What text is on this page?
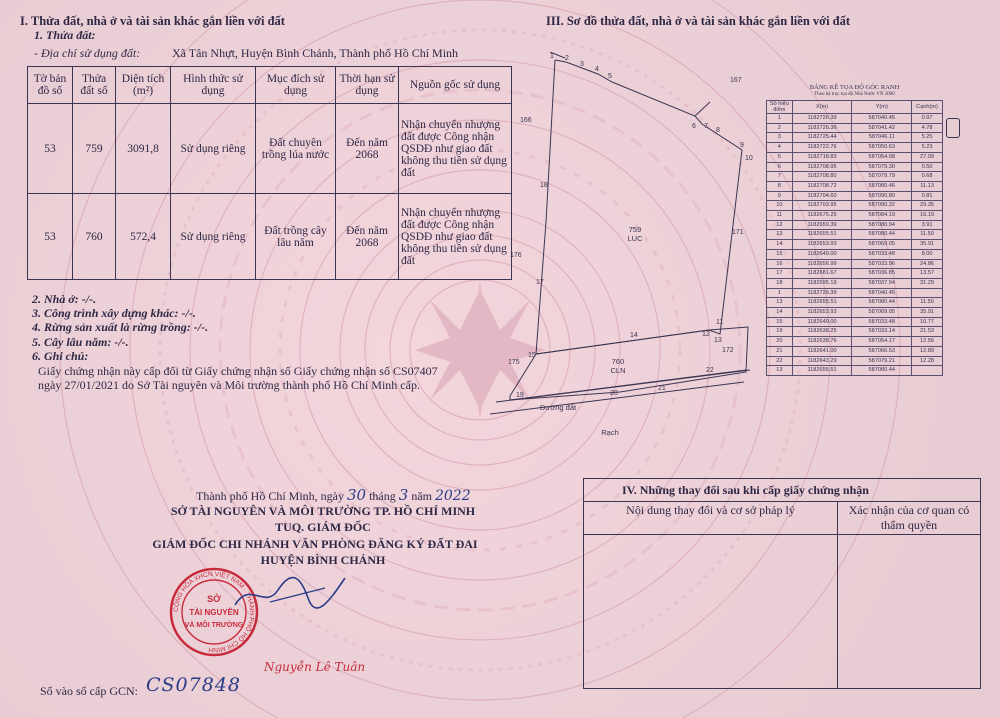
I. Thửa đất, nhà ở và tài sản khác gắn liền với đất
1. Thửa đất:
- Địa chỉ sử dụng đất:	Xã Tân Nhựt, Huyện Bình Chánh, Thành phố Hồ Chí Minh
Tờ bản đồ số	Thửa đất số	Diện tích (m²)	Hình thức sử dụng	Mục đích sử dụng	Thời hạn sử dụng	Nguồn gốc sử dụng
53	759	3091,8	Sử dụng riêng	Đất chuyên trồng lúa nước	Đến năm 2068	Nhận chuyển nhượng đất được Công nhận QSDĐ như giao đất không thu tiền sử dụng đất
53	760	572,4	Sử dụng riêng	Đất trồng cây lâu năm	Đến năm 2068	Nhận chuyển nhượng đất được Công nhận QSDĐ như giao đất không thu tiền sử dụng đất
2. Nhà ở: -/-.
3. Công trình xây dựng khác: -/-.
4. Rừng sản xuất là rừng trồng: -/-.
5. Cây lâu năm: -/-.
6. Ghi chú:
Giấy chứng nhận này cấp đổi từ Giấy chứng nhận số Giấy chứng nhận số CS07407
ngày 27/01/2021 do Sở Tài nguyên và Môi trường thành phố Hồ Chí Minh cấp.
Thành phố Hồ Chí Minh, ngày 30 tháng 3 năm 2022
SỞ TÀI NGUYÊN VÀ MÔI TRƯỜNG TP. HỒ CHÍ MINH
TUQ. GIÁM ĐỐC
GIÁM ĐỐC CHI NHÁNH VĂN PHÒNG ĐĂNG KÝ ĐẤT ĐAI
HUYỆN BÌNH CHÁNH
CỘNG HÒA XHCN VIỆT NAM · THÀNH PHỐ HỒ CHÍ MINH
SỞ
TÀI NGUYÊN
VÀ MÔI TRƯỜNG
Nguyễn Lê Tuân
Số vào sổ cấp GCN: CS07848
III. Sơ đồ thửa đất, nhà ở và tài sản khác gắn liền với đất
1 2
3
4
5
6 7
8
9
10
11
12
13
14
15
17
18
19	20
21
22
166
167
176
171
175
172
759
LUC
760
CLN
Đường đất
Rạch
BẢNG KÊ TỌA ĐỘ GÓC RANH
Theo hệ trục tọa độ Nhà Nước VN 2000
Số hiệu điểm	X(m)	Y(m)	Cạnh(m)
1	1182726.39	587040.45	0.97
2	1182726.36	587041.42	4.78
3	1182725.44	587046.11	5.25
4	1182722.76	587050.63	5.23
5	1182718.83	587054.08	27.09
6	1182708.95	587079.30	0.50
7	1182708.80	587079.79	0.68
8	1182708.72	587080.46	11.13
9	1182704.60	587090.80	0.81
10	1182703.95	587090.32	29.35
11	1182675.25	587084.19	16.19
12	1182659.39	587080.94	3.91
13	1182655.51	587080.44	11.50
14	1182653.93	587069.05	35.91
15	1182649.00	587033.48	8.00
16	1182656.99	587033.96	24.86
17	1182681.67	587036.85	13.57
18	1182695.19	587037.94	31.29
1	1182726.39	587040.45	
13	1182655.51	587080.44	11.50
14	1182653.93	587069.05	35.91
15	1182649.00	587033.48	10.77
19	1182638.25	587033.14	21.53
20	1182638.76	587054.17	12.56
21	1182641.00	587066.53	12.89
22	1182643.29	587079.21	12.28
13	1182655.51	587080.44	
IV. Những thay đổi sau khi cấp giấy chứng nhận	
Nội dung thay đổi và cơ sở pháp lý	Xác nhận của cơ quan có thẩm quyền
